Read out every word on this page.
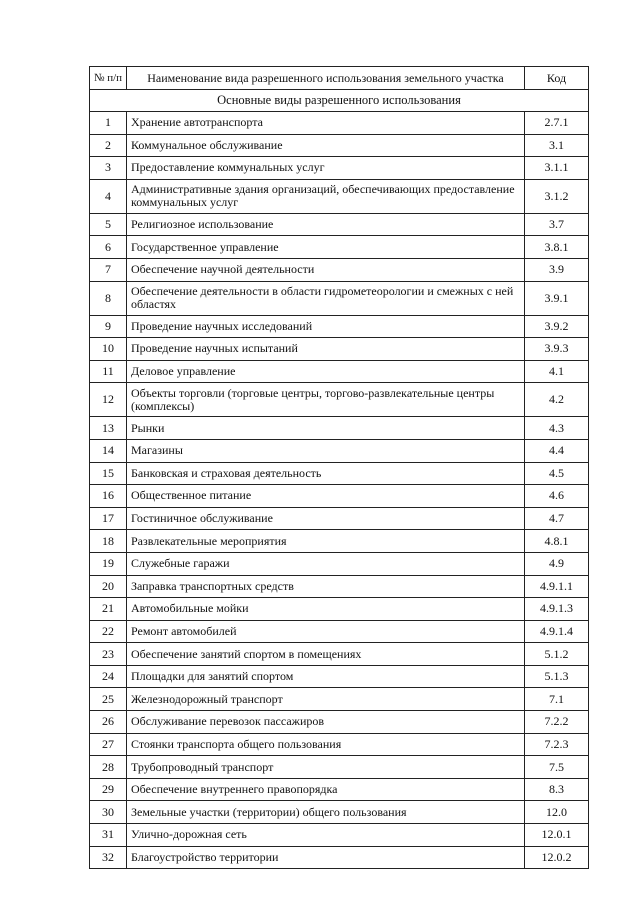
№ п/п	Наименование вида разрешенного использования земельного участка	Код
Основные виды разрешенного использования		
1	Хранение автотранспорта	2.7.1
2	Коммунальное обслуживание	3.1
3	Предоставление коммунальных услуг	3.1.1
4	Административные здания организаций, обеспечивающих предоставление коммунальных услуг	3.1.2
5	Религиозное использование	3.7
6	Государственное управление	3.8.1
7	Обеспечение научной деятельности	3.9
8	Обеспечение деятельности в области гидрометеорологии и смежных с ней областях	3.9.1
9	Проведение научных исследований	3.9.2
10	Проведение научных испытаний	3.9.3
11	Деловое управление	4.1
12	Объекты торговли (торговые центры, торгово-развлекательные центры (комплексы)	4.2
13	Рынки	4.3
14	Магазины	4.4
15	Банковская и страховая деятельность	4.5
16	Общественное питание	4.6
17	Гостиничное обслуживание	4.7
18	Развлекательные мероприятия	4.8.1
19	Служебные гаражи	4.9
20	Заправка транспортных средств	4.9.1.1
21	Автомобильные мойки	4.9.1.3
22	Ремонт автомобилей	4.9.1.4
23	Обеспечение занятий спортом в помещениях	5.1.2
24	Площадки для занятий спортом	5.1.3
25	Железнодорожный транспорт	7.1
26	Обслуживание перевозок пассажиров	7.2.2
27	Стоянки транспорта общего пользования	7.2.3
28	Трубопроводный транспорт	7.5
29	Обеспечение внутреннего правопорядка	8.3
30	Земельные участки (территории) общего пользования	12.0
31	Улично-дорожная сеть	12.0.1
32	Благоустройство территории	12.0.2
